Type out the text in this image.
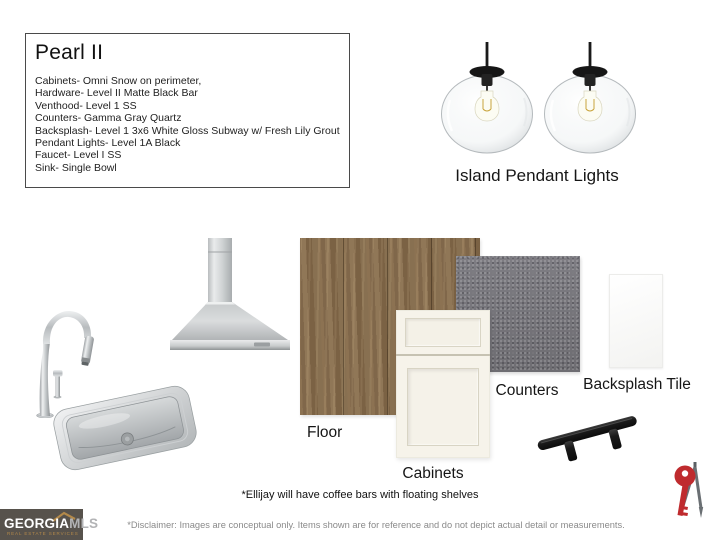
Pearl II
Cabinets- Omni Snow on perimeter,
Hardware- Level II Matte Black Bar
Venthood- Level 1 SS
Counters- Gamma Gray Quartz
Backsplash- Level 1 3x6 White Gloss Subway w/ Fresh Lily Grout
Pendant Lights- Level 1A Black
Faucet- Level I SS
Sink- Single Bowl	Island Pendant Lights
Floor
Counters
Cabinets
Backsplash Tile
*Ellijay will have coffee bars with floating shelves
*Disclaimer: Images are conceptual only. Items shown are for reference and do not depict actual detail or measurements.
GEORGIAMLS
REAL ESTATE SERVICES
